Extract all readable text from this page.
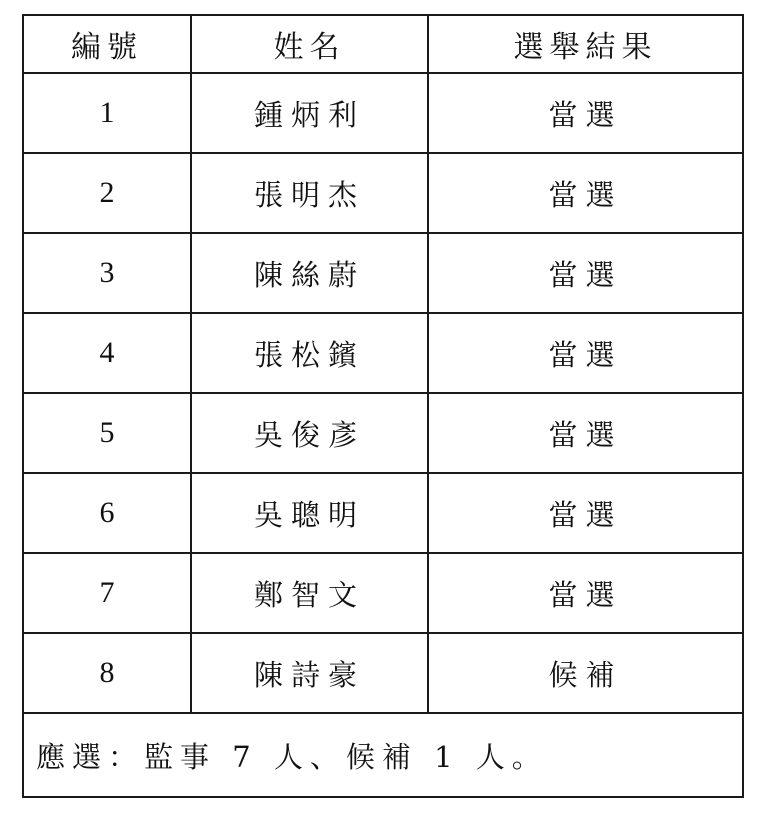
編號	姓名	選舉結果
1	鍾炳利	當選
2	張明杰	當選
3	陳絲蔚	當選
4	張松鑌	當選
5	吳俊彥	當選
6	吳聰明	當選
7	鄭智文	當選
8	陳詩豪	候補
應選：監事 7 人、候補 1 人。		
